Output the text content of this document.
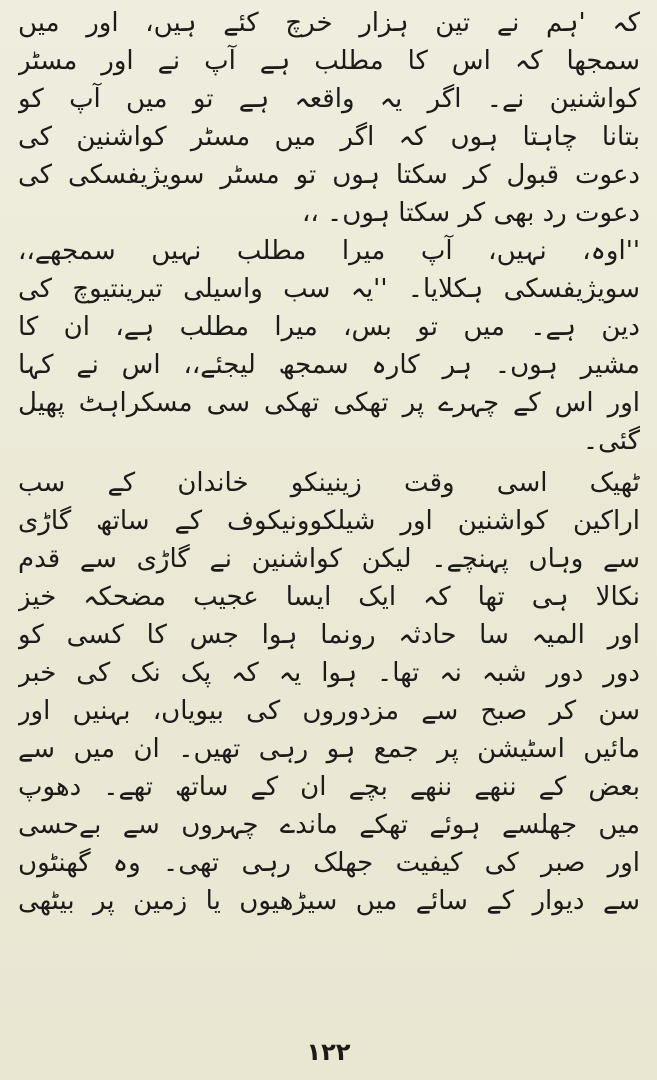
کہ 'ہم نے تین ہزار خرچ کئے ہیں، اور میں
سمجھا کہ اس کا مطلب ہے آپ نے اور مسٹر
کواشنین نے۔ اگر یہ واقعہ ہے تو میں آپ کو
بتانا چاہتا ہوں کہ اگر میں مسٹر کواشنین کی
دعوت قبول کر سکتا ہوں تو مسٹر سویژیفسکی کی
دعوت رد بھی کر سکتا ہوں۔ ،،
''اوہ، نہیں، آپ میرا مطلب نہیں سمجھے،،
سویژیفسکی ہکلایا۔ ''یہ سب واسیلی تیرینتیوچ کی
دین ہے۔ میں تو بس، میرا مطلب ہے، ان کا
مشیر ہوں۔ ہر کارہ سمجھ لیجئے،، اس نے کہا
اور اس کے چہرے پر تھکی تھکی سی مسکراہٹ پھیل
گئی۔
ٹھیک اسی وقت زینینکو خاندان کے سب
اراکین کواشنین اور شیلکوونیکوف کے ساتھ گاڑی
سے وہاں پہنچے۔ لیکن کواشنین نے گاڑی سے قدم
نکالا ہی تھا کہ ایک ایسا عجیب مضحکہ خیز
اور المیہ سا حادثہ رونما ہوا جس کا کسی کو
دور دور شبہ نہ تھا۔ ہوا یہ کہ پک نک کی خبر
سن کر صبح سے مزدوروں کی بیویاں، بہنیں اور
مائیں اسٹیشن پر جمع ہو رہی تھیں۔ ان میں سے
بعض کے ننھے ننھے بچے ان کے ساتھ تھے۔ دھوپ
میں جھلسے ہوئے تھکے ماندے چہروں سے بےحسی
اور صبر کی کیفیت جھلک رہی تھی۔ وہ گھنٹوں
سے دیوار کے سائے میں سیڑھیوں یا زمین پر بیٹھی
۱۲۲
